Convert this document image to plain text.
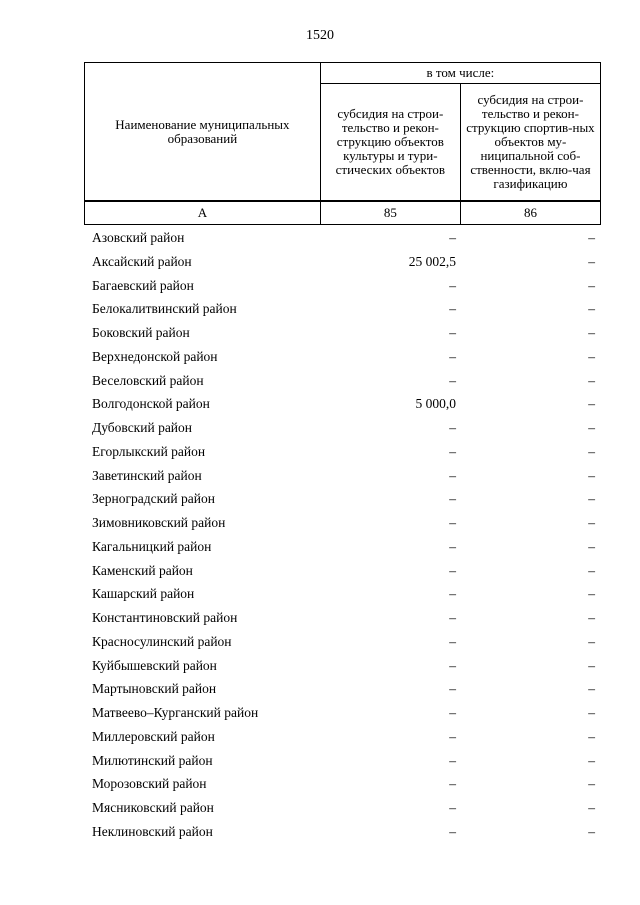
1520
Наименование муниципальных образований	в том числе:	
	субсидия на строи-тельство и рекон-струкцию объектов культуры и тури-стических объектов	субсидия на строи-тельство и рекон-струкцию спортив-ных объектов му-ниципальной соб-ственности, вклю-чая газификацию
А	85	86
Азовский район	–	–
Аксайский район	25 002,5	–
Багаевский район	–	–
Белокалитвинский район	–	–
Боковский район	–	–
Верхнедонской район	–	–
Веселовский район	–	–
Волгодонской район	5 000,0	–
Дубовский район	–	–
Егорлыкский район	–	–
Заветинский район	–	–
Зерноградский район	–	–
Зимовниковский район	–	–
Кагальницкий район	–	–
Каменский район	–	–
Кашарский район	–	–
Константиновский район	–	–
Красносулинский район	–	–
Куйбышевский район	–	–
Мартыновский район	–	–
Матвеево–Курганский район	–	–
Миллеровский район	–	–
Милютинский район	–	–
Морозовский район	–	–
Мясниковский район	–	–
Неклиновский район	–	–
